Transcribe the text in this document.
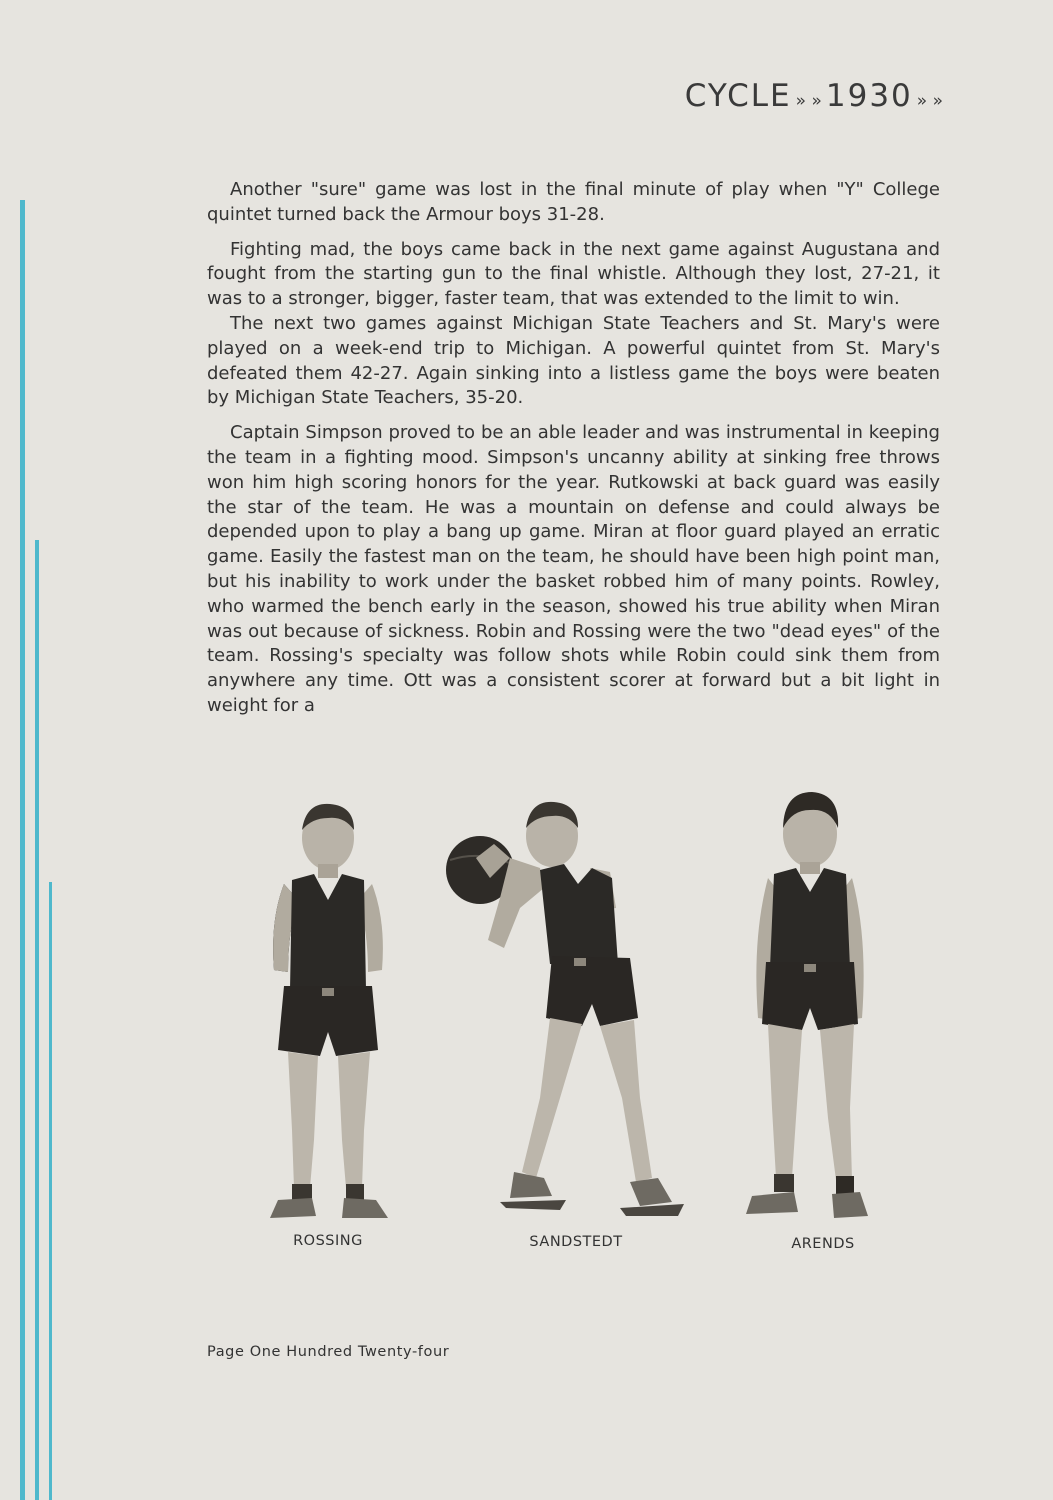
CYCLE » » 1930 » »

Another "sure" game was lost in the final minute of play when "Y" College quintet turned back the Armour boys 31-28.

Fighting mad, the boys came back in the next game against Augustana and fought from the starting gun to the final whistle. Although they lost, 27-21, it was to a stronger, bigger, faster team, that was extended to the limit to win.

The next two games against Michigan State Teachers and St. Mary's were played on a week-end trip to Michigan. A powerful quintet from St. Mary's defeated them 42-27. Again sinking into a listless game the boys were beaten by Michigan State Teachers, 35-20.

Captain Simpson proved to be an able leader and was instrumental in keeping the team in a fighting mood. Simpson's uncanny ability at sinking free throws won him high scoring honors for the year. Rutkowski at back guard was easily the star of the team. He was a mountain on defense and could always be depended upon to play a bang up game. Miran at floor guard played an erratic game. Easily the fastest man on the team, he should have been high point man, but his inability to work under the basket robbed him of many points. Rowley, who warmed the bench early in the season, showed his true ability when Miran was out because of sickness. Robin and Rossing were the two "dead eyes" of the team. Rossing's specialty was follow shots while Robin could sink them from anywhere any time. Ott was a consistent scorer at forward but a bit light in weight for a

ROSSING	SANDSTEDT	ARENDS
Page One Hundred Twenty-four
